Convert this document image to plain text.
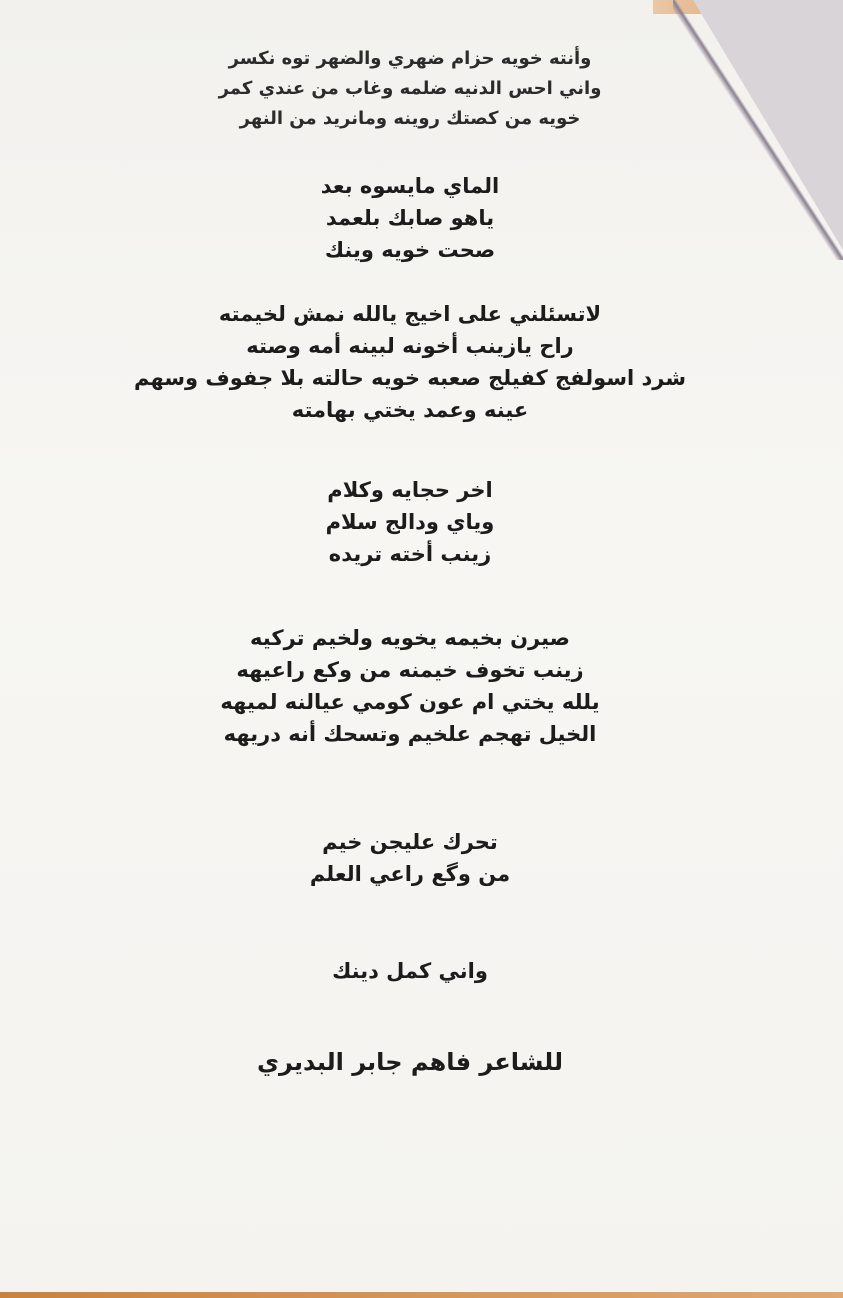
وأنته خويه حزام ضهري والضهر توه نكسر
واني احس الدنيه ضلمه وغاب من عندي كمر
خويه من كصتك روينه ومانريد من النهر
الماي مايسوه بعد
ياهو صابك بلعمد
صحت خويه وينك
لاتسئلني على اخيج يالله نمش لخيمته
راح يازينب أخونه لبينه أمه وصته
شرد اسولفج كفيلج صعبه خويه حالته بلا جفوف وسهم
عينه وعمد يختي بهامته
اخر حجايه وكلام
وياي ودالج سلام
زينب أخته تريده
صيرن بخيمه يخويه ولخيم تركيه
زينب تخوف خيمنه من وكع راعيهه
يلله يختي ام عون كومي عيالنه لميهه
الخيل تهجم علخيم وتسحك أنه دريهه
تحرك عليجن خيم
من وگع راعي العلم
واني كمل دينك
للشاعر فاهم جابر البديري
